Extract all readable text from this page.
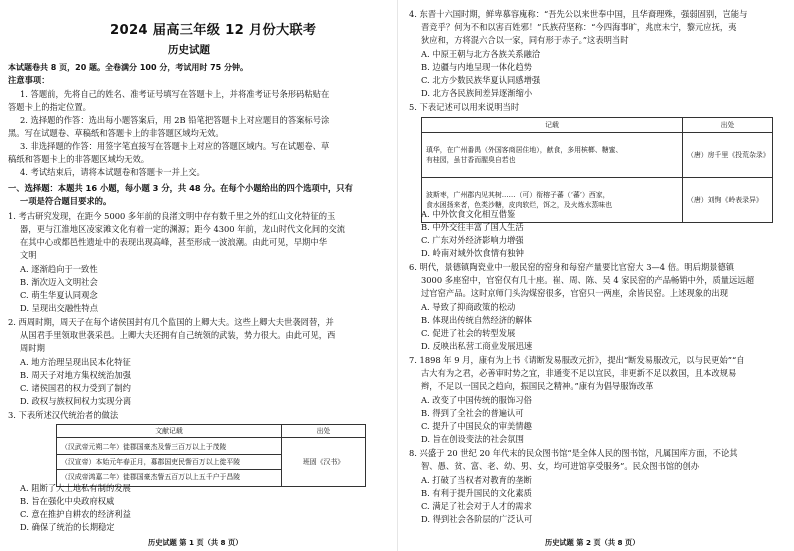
2024 届高三年级 12 月份大联考
历史试题
本试题卷共 8 页，20 题。全卷满分 100 分，考试用时 75 分钟。
注意事项：
1. 答题前，先将自己的姓名、准考证号填写在答题卡上，并将准考证号条形码粘贴在
答题卡上的指定位置。
2. 选择题的作答：选出每小题答案后，用 2B 铅笔把答题卡上对应题目的答案标号涂
黑。写在试题卷、草稿纸和答题卡上的非答题区域均无效。
3. 非选择题的作答：用签字笔直接写在答题卡上对应的答题区域内。写在试题卷、草
稿纸和答题卡上的非答题区域均无效。
4. 考试结束后，请将本试题卷和答题卡一并上交。
一、选择题：本题共 16 小题，每小题 3 分，共 48 分。在每个小题给出的四个选项中，只有
一项是符合题目要求的。
1. 考古研究发现，在距今 5000 多年前的良渚文明中存有数千里之外的红山文化特征的玉
器，更与江淮地区凌家滩文化有着一定的渊源；距今 4300 年前，龙山时代文化间的交流
在其中心或都邑性遗址中的表现出现高峰，甚至形成一波浪潮。由此可见，早期中华
文明
A. 逐渐趋向于一致性
B. 渐次迈入文明社会
C. 萌生华夏认同观念
D. 呈现出交融性特点
2. 西周时期，周天子在每个诸侯国封有几个监国的上卿大夫。这些上卿大夫世袭罔替，并
从国君手里领取世袭采邑。上卿大夫还拥有自己统领的武装，势力很大。由此可见，西
周时期
A. 地方治理呈现出民本化特征
B. 周天子对地方集权统治加强
C. 诸侯国君的权力受到了制约
D. 政权与族权间权力实现分离
3. 下表所述汉代统治者的做法
文献记载	出处

（汉武帝元朔二年）徙郡国豪杰及訾三百万以上于茂陵
（汉宣帝）本始元年春正月，募郡国吏民訾百万以上徙平陵
（汉成帝鸿嘉二年）徙郡国豪杰訾五百万以上五千户于昌陵	班固《汉书》
A. 阻断了大土地私有制的发展
B. 旨在强化中央政府权威
C. 意在推护自耕农的经济利益
D. 确保了统治的长期稳定
历史试题 第 1 页（共 8 页）
4. 东晋十六国时期，鲜卑慕容廆称：“吾先公以来世奉中国，且华裔理殊，强弱固别，岂能与
晋竞乎？何为不和以害百姓邪！”氏族苻坚称：“今四海事旷，兆庶未宁，黎元应抚，夷
狄应和，方将混六合以一家，同有形于赤子。”这表明当时
A. 中原王朝与北方各族关系融洽
B. 边疆与内地呈现一体化趋势
C. 北方少数民族华夏认同感增强
D. 北方各民族间差异逐渐缩小
5. 下表记述可以用来说明当时
记载	出处

瑱华，在广州番禺（外国客商居住地），献食，多用槟榔、糖蜜、
有桂园，虽甘香而腥臭自若也	（唐）房千里《投荒杂录》

波斯枣，广州郡内见其树……（可）衔榕子蕃（‘蕃’）西家，
食水困扬来者，色类沙糖，皮肉软烂，饵之，及火炼水蒸味也	（唐）刘恂《岭表录异》
A. 中外饮食文化相互借鉴
B. 中外交往丰富了国人生活
C. 广东对外经济影响力增强
D. 岭南对域外饮食情有独钟
6. 明代，景德镇陶瓷业中一般民窑的窑身和每窑产量要比官窑大 3—4 倍。明后期景德镇
3000 多座窑中，官窑仅有几十座。崔、周、陈、吴 4 家民窑的产品畅销中外，质量远远超
过官窑产品。这时京师门头沟煤窑很多，官窑只一两座，余皆民窑。上述现象的出现
A. 导致了抑商政策的松动
B. 体现出传统自然经济的解体
C. 促进了社会的转型发展
D. 反映出私营工商业发展迅速
7. 1898 年 9 月，康有为上书《请断发易服改元折》，提出“断发易服改元，以与民更始”“自
古大有为之君，必善审时势之宜，非通变不足以宜民，非更新不足以救国，且本改规易
辫，不足以一国民之趋向，振国民之精神。”康有为倡导服饰改革
A. 改变了中国传统的服饰习俗
B. 得到了全社会的普遍认可
C. 提升了中国民众的审美情趣
D. 旨在创设变法的社会氛围
8. 兴盛于 20 世纪 20 年代末的民众图书馆“是全体人民的图书馆，凡属国库方面，不论其
智、愚、贫、富、老、幼、男、女，均可进馆享受服务”。民众图书馆的创办
A. 打破了当权者对教育的垄断
B. 有利于提升国民的文化素质
C. 满足了社会对于人才的需求
D. 得到社会各阶层的广泛认可
历史试题 第 2 页（共 8 页）
